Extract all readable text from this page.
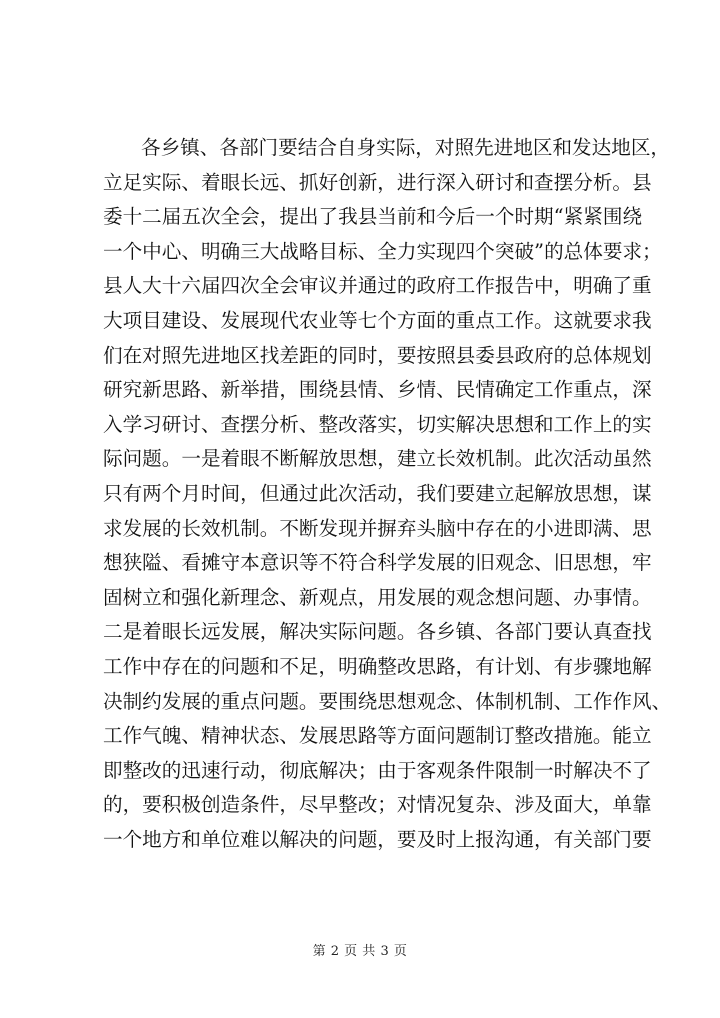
各乡镇、各部门要结合自身实际，对照先进地区和发达地区，
立足实际、着眼长远、抓好创新，进行深入研讨和查摆分析。县
委十二届五次全会，提出了我县当前和今后一个时期“紧紧围绕
一个中心、明确三大战略目标、全力实现四个突破”的总体要求；
县人大十六届四次全会审议并通过的政府工作报告中，明确了重
大项目建设、发展现代农业等七个方面的重点工作。这就要求我
们在对照先进地区找差距的同时，要按照县委县政府的总体规划
研究新思路、新举措，围绕县情、乡情、民情确定工作重点，深
入学习研讨、查摆分析、整改落实，切实解决思想和工作上的实
际问题。一是着眼不断解放思想，建立长效机制。此次活动虽然
只有两个月时间，但通过此次活动，我们要建立起解放思想，谋
求发展的长效机制。不断发现并摒弃头脑中存在的小进即满、思
想狭隘、看摊守本意识等不符合科学发展的旧观念、旧思想，牢
固树立和强化新理念、新观点，用发展的观念想问题、办事情。
二是着眼长远发展，解决实际问题。各乡镇、各部门要认真查找
工作中存在的问题和不足，明确整改思路，有计划、有步骤地解
决制约发展的重点问题。要围绕思想观念、体制机制、工作作风、
工作气魄、精神状态、发展思路等方面问题制订整改措施。能立
即整改的迅速行动，彻底解决；由于客观条件限制一时解决不了
的，要积极创造条件，尽早整改；对情况复杂、涉及面大，单靠
一个地方和单位难以解决的问题，要及时上报沟通，有关部门要
第 2 页 共 3 页
